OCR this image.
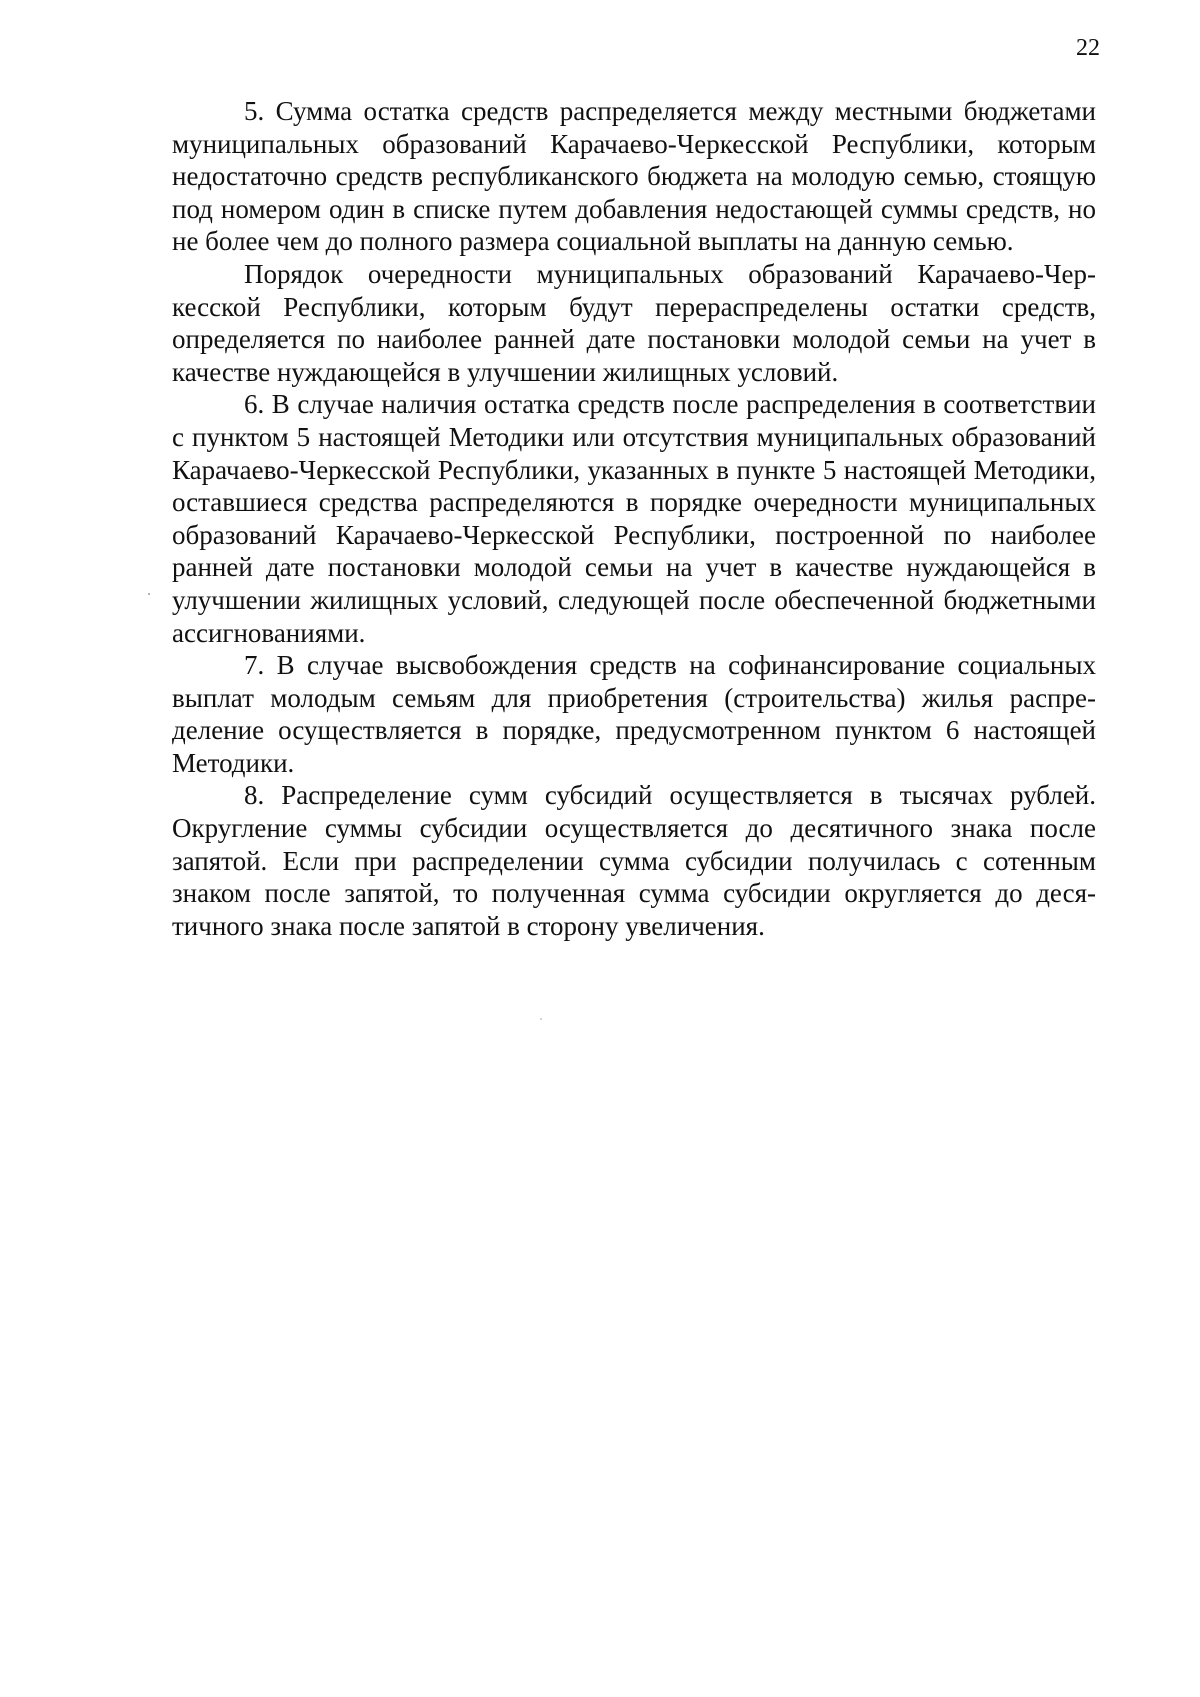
22

5. Сумма остатка средств распределяется между местными бюджетами муниципальных образований Карачаево-Черкесской Республики, которым недостаточно средств республиканского бюджета на молодую семью, стоящую под номером один в списке путем добавления недостающей суммы средств, но не более чем до полного размера социальной выплаты на данную семью.

Порядок очередности муниципальных образований Карачаево-Черкесской Республики, которым будут перераспределены остатки средств, определяется по наиболее ранней дате постановки молодой семьи на учет в качестве нуждающейся в улучшении жилищных условий.

6. В случае наличия остатка средств после распределения в соответствии с пунктом 5 настоящей Методики или отсутствия муниципальных образований Карачаево-Черкесской Республики, указанных в пункте 5 настоящей Методики, оставшиеся средства распределяются в порядке очередности муниципальных образований Карачаево-Черкесской Республики, построенной по наиболее ранней дате постановки молодой семьи на учет в качестве нуждающейся в улучшении жилищных условий, следующей после обеспеченной бюджетными ассигнованиями.

7. В случае высвобождения средств на софинансирование социальных выплат молодым семьям для приобретения (строительства) жилья распределение осуществляется в порядке, предусмотренном пунктом 6 настоящей Методики.

8. Распределение сумм субсидий осуществляется в тысячах рублей. Округление суммы субсидии осуществляется до десятичного знака после запятой. Если при распределении сумма субсидии получилась с сотенным знаком после запятой, то полученная сумма субсидии округляется до десятичного знака после запятой в сторону увеличения.
